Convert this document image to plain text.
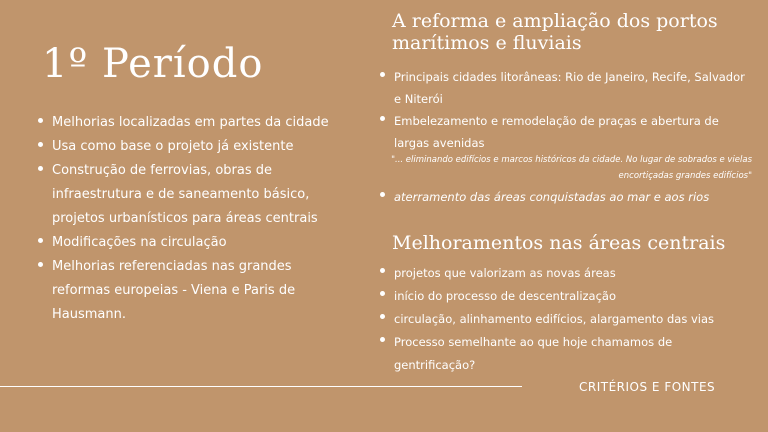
1º Período
Melhorias localizadas em partes da cidade
Usa como base o projeto já existente
Construção de ferrovias, obras de infraestrutura e de saneamento básico, projetos urbanísticos para áreas centrais
Modificações na circulação
Melhorias referenciadas nas grandes reformas europeias - Viena e Paris de Hausmann.
A reforma e ampliação dos portos marítimos e fluviais
Principais cidades litorâneas: Rio de Janeiro, Recife, Salvador e Niterói
Embelezamento e remodelação de praças e abertura de largas avenidas
"... eliminando edifícios e marcos históricos da cidade. No lugar de sobrados e vielas encortiçadas grandes edifícios"
aterramento das áreas conquistadas ao mar e aos rios
Melhoramentos nas áreas centrais
projetos que valorizam as novas áreas
início do processo de descentralização
circulação, alinhamento edifícios, alargamento das vias
Processo semelhante ao que hoje chamamos de gentrificação?
CRITÉRIOS E FONTES
